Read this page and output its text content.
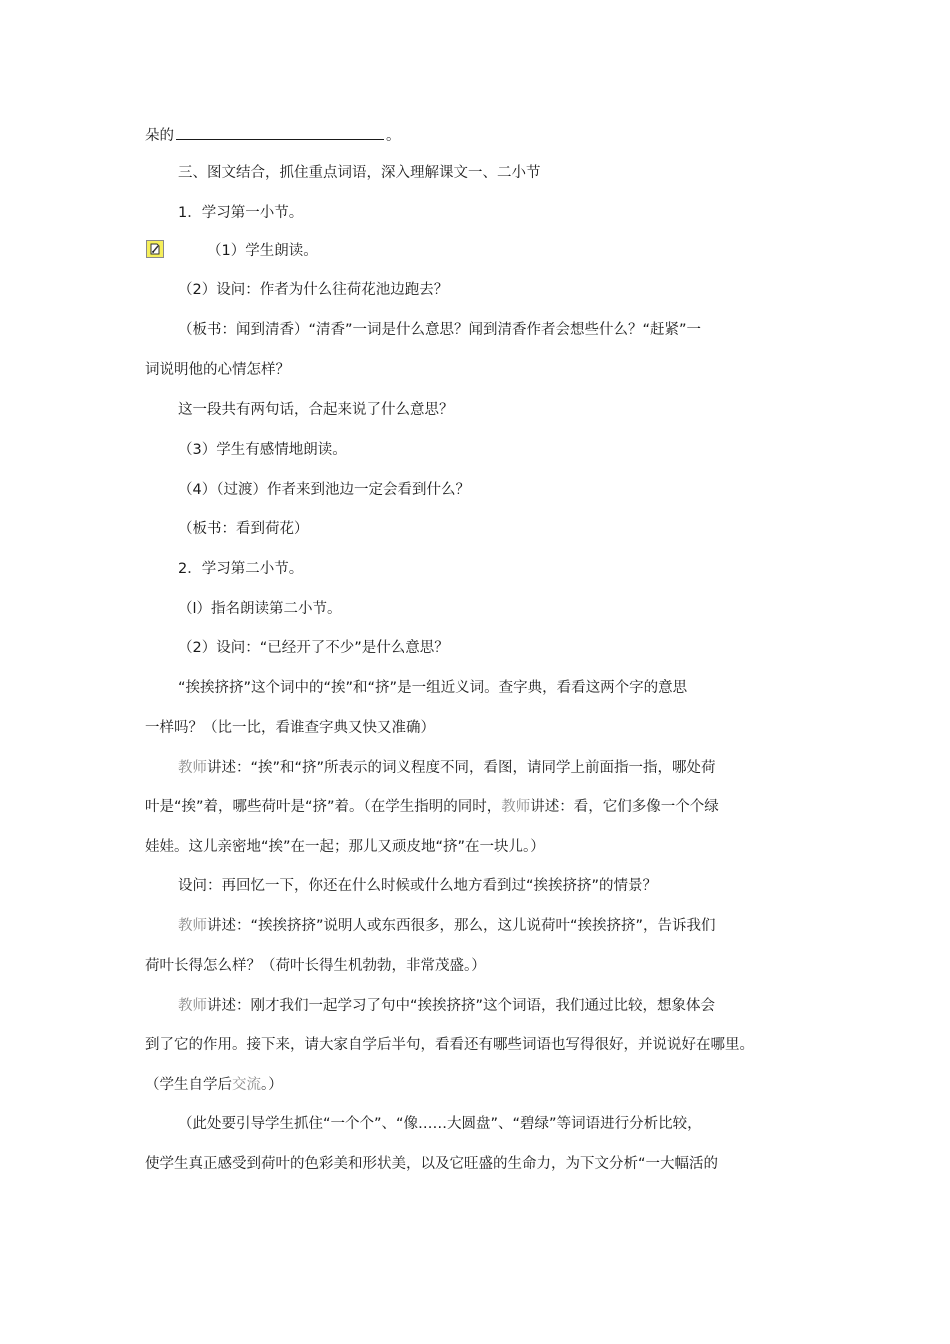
朵的	。
三、图文结合，抓住重点词语，深入理解课文一、二小节
1．学习第一小节。
（1）学生朗读。
（2）设问：作者为什么往荷花池边跑去？
（板书：闻到清香）“清香”一词是什么意思？闻到清香作者会想些什么？“赶紧”一
词说明他的心情怎样？
这一段共有两句话，合起来说了什么意思？
（3）学生有感情地朗读。
（4）（过渡）作者来到池边一定会看到什么？
（板书：看到荷花）
2．学习第二小节。
（l）指名朗读第二小节。
（2）设问：“已经开了不少”是什么意思？
“挨挨挤挤”这个词中的“挨”和“挤”是一组近义词。查字典，看看这两个字的意思
一样吗？（比一比，看谁查字典又快又准确）
教师讲述：“挨”和“挤”所表示的词义程度不同，看图，请同学上前面指一指，哪处荷
叶是“挨”着，哪些荷叶是“挤”着。（在学生指明的同时，教师讲述：看，它们多像一个个绿
娃娃。这儿亲密地“挨”在一起；那儿又顽皮地“挤”在一块儿。）
设问：再回忆一下，你还在什么时候或什么地方看到过“挨挨挤挤”的情景？
教师讲述：“挨挨挤挤”说明人或东西很多，那么，这儿说荷叶“挨挨挤挤”，告诉我们
荷叶长得怎么样？（荷叶长得生机勃勃，非常茂盛。）
教师讲述：刚才我们一起学习了句中“挨挨挤挤”这个词语，我们通过比较，想象体会
到了它的作用。接下来，请大家自学后半句，看看还有哪些词语也写得很好，并说说好在哪里。
（学生自学后交流。）
（此处要引导学生抓住“一个个”、“像……大圆盘”、“碧绿”等词语进行分析比较，
使学生真正感受到荷叶的色彩美和形状美，以及它旺盛的生命力，为下文分析“一大幅活的
